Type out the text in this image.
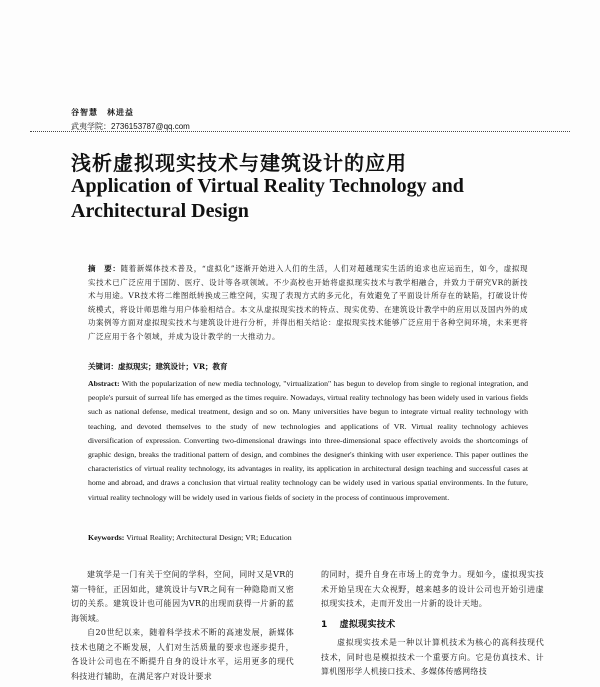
谷智慧　林进益
武夷学院：2736153787@qq.com
浅析虚拟现实技术与建筑设计的应用
Application of Virtual Reality Technology and Architectural Design
摘　要：随着新媒体技术普及，“虚拟化”逐渐开始进入人们的生活，人们对超越现实生活的追求也应运而生，如今，虚拟现实技术已广泛应用于国防、医疗、设计等各项领域。不少高校也开始将虚拟现实技术与教学相融合，并致力于研究VR的新技术与用途。VR技术将二维图纸转换成三维空间，实现了表现方式的多元化，有效避免了平面设计所存在的缺陷，打破设计传统模式，将设计师思维与用户体验相结合。本文从虚拟现实技术的特点、现实优势、在建筑设计教学中的应用以及国内外的成功案例等方面对虚拟现实技术与建筑设计进行分析，并得出相关结论：虚拟现实技术能够广泛应用于各种空间环境，未来更将广泛应用于各个领域，并成为设计教学的一大推动力。
关键词：虚拟现实；建筑设计；VR；教育
Abstract: With the popularization of new media technology, "virtualization" has begun to develop from single to regional integration, and people's pursuit of surreal life has emerged as the times require. Nowadays, virtual reality technology has been widely used in various fields such as national defense, medical treatment, design and so on. Many universities have begun to integrate virtual reality technology with teaching, and devoted themselves to the study of new technologies and applications of VR. Virtual reality technology achieves diversification of expression. Converting two-dimensional drawings into three-dimensional space effectively avoids the shortcomings of graphic design, breaks the traditional pattern of design, and combines the designer's thinking with user experience. This paper outlines the characteristics of virtual reality technology, its advantages in reality, its application in architectural design teaching and successful cases at home and abroad, and draws a conclusion that virtual reality technology can be widely used in various spatial environments. In the future, virtual reality technology will be widely used in various fields of society in the process of continuous improvement.
Keywords: Virtual Reality; Architectural Design; VR; Education

建筑学是一门有关于空间的学科，空间，同时又是VR的第一特征，正因如此，建筑设计与VR之间有一种隐隐而又密切的关系。建筑设计也可能因为VR的出现而获得一片新的蓝海领域。

自20世纪以来，随着科学技术不断的高速发展，新媒体技术也随之不断发展，人们对生活质量的要求也逐步提升，各设计公司也在不断提升自身的设计水平，运用更多的现代科技进行辅助，在满足客户对设计要求

的同时，提升自身在市场上的竞争力。现如今，虚拟现实技术开始呈现在大众视野，越来越多的设计公司也开始引进虚拟现实技术，走而开发出一片新的设计天地。

1 虚拟现实技术

虚拟现实技术是一种以计算机技术为核心的高科技现代技术，同时也是模拟技术一个重要方向。它是仿真技术、计算机图形学人机接口技术、多媒体传感网络技
